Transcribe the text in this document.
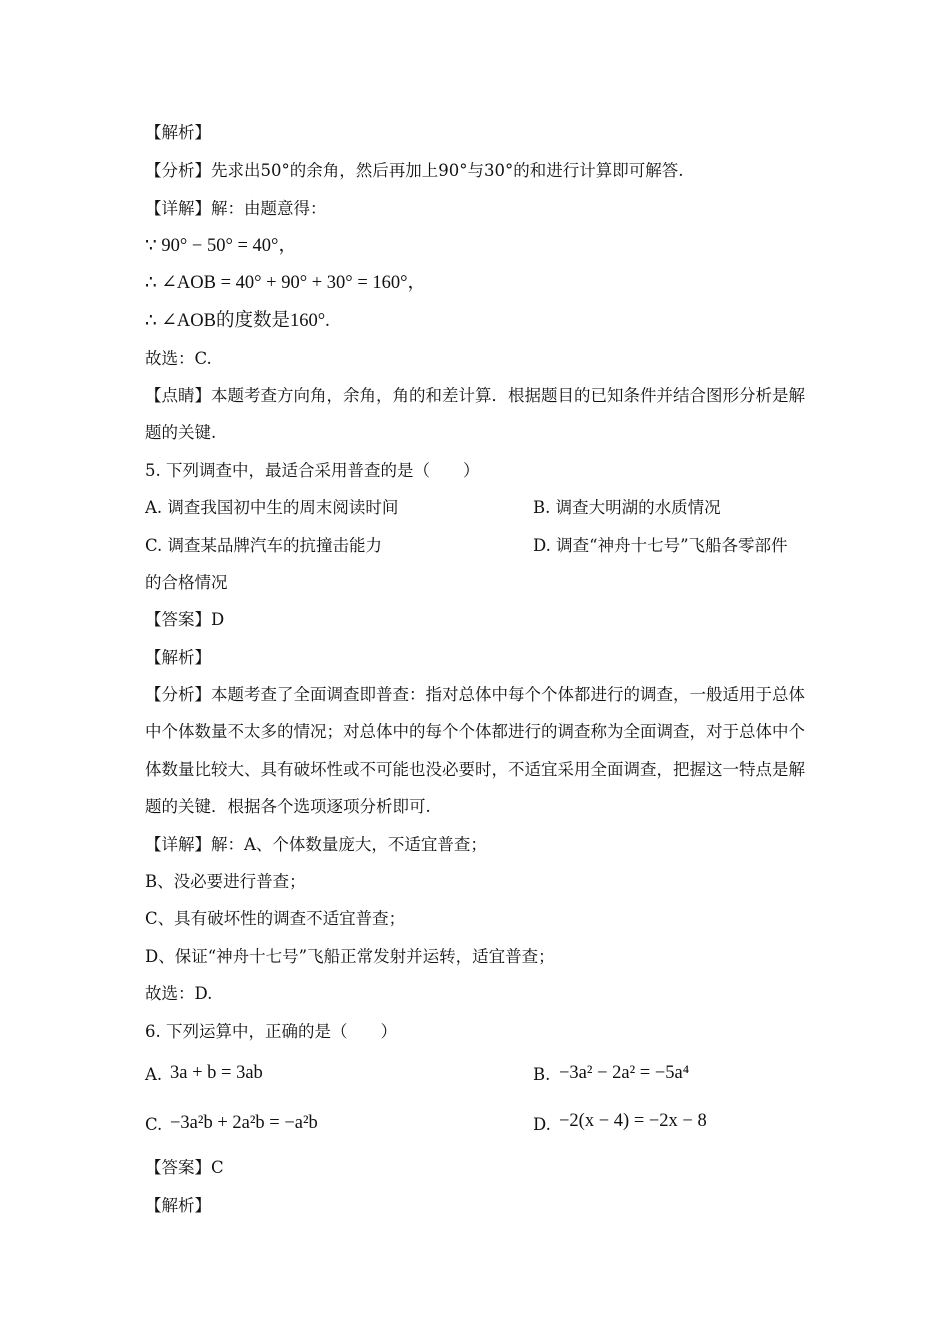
【解析】
【分析】先求出50°的余角，然后再加上90°与30°的和进行计算即可解答.
【详解】解：由题意得：
∵ 90° − 50° = 40°，
∴ ∠AOB = 40° + 90° + 30° = 160°，
∴ ∠AOB的度数是160°.
故选：C.
【点睛】本题考查方向角，余角，角的和差计算．根据题目的已知条件并结合图形分析是解
题的关键.
5. 下列调查中，最适合采用普查的是（　　）
A. 调查我国初中生的周末阅读时间	B. 调查大明湖的水质情况
C. 调查某品牌汽车的抗撞击能力	D. 调查“神舟十七号”飞船各零部件
的合格情况
【答案】D
【解析】
【分析】本题考查了全面调查即普查：指对总体中每个个体都进行的调查，一般适用于总体
中个体数量不太多的情况；对总体中的每个个体都进行的调查称为全面调查，对于总体中个
体数量比较大、具有破坏性或不可能也没必要时，不适宜采用全面调查，把握这一特点是解
题的关键．根据各个选项逐项分析即可.
【详解】解：A、个体数量庞大，不适宜普查；
B、没必要进行普查；
C、具有破坏性的调查不适宜普查；
D、保证“神舟十七号”飞船正常发射并运转，适宜普查；
故选：D.
6. 下列运算中，正确的是（　　）
A. 3a + b = 3ab	B. −3a² − 2a² = −5a⁴
C. −3a²b + 2a²b = −a²b	D. −2(x − 4) = −2x − 8
【答案】C
【解析】
